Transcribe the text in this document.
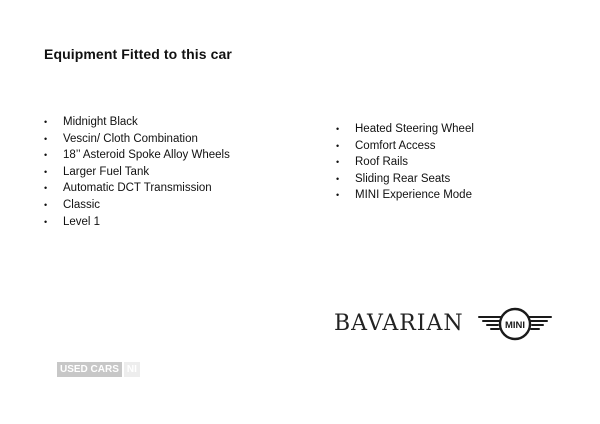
Equipment Fitted to this car
• Midnight Black
• Vescin/ Cloth Combination
• 18’’ Asteroid Spoke Alloy Wheels
• Larger Fuel Tank
• Automatic DCT Transmission
• Classic
• Level 1
• Heated Steering Wheel
• Comfort Access
• Roof Rails
• Sliding Rear Seats
• MINI Experience Mode
BAVARIAN	MINI
USED CARS NI
